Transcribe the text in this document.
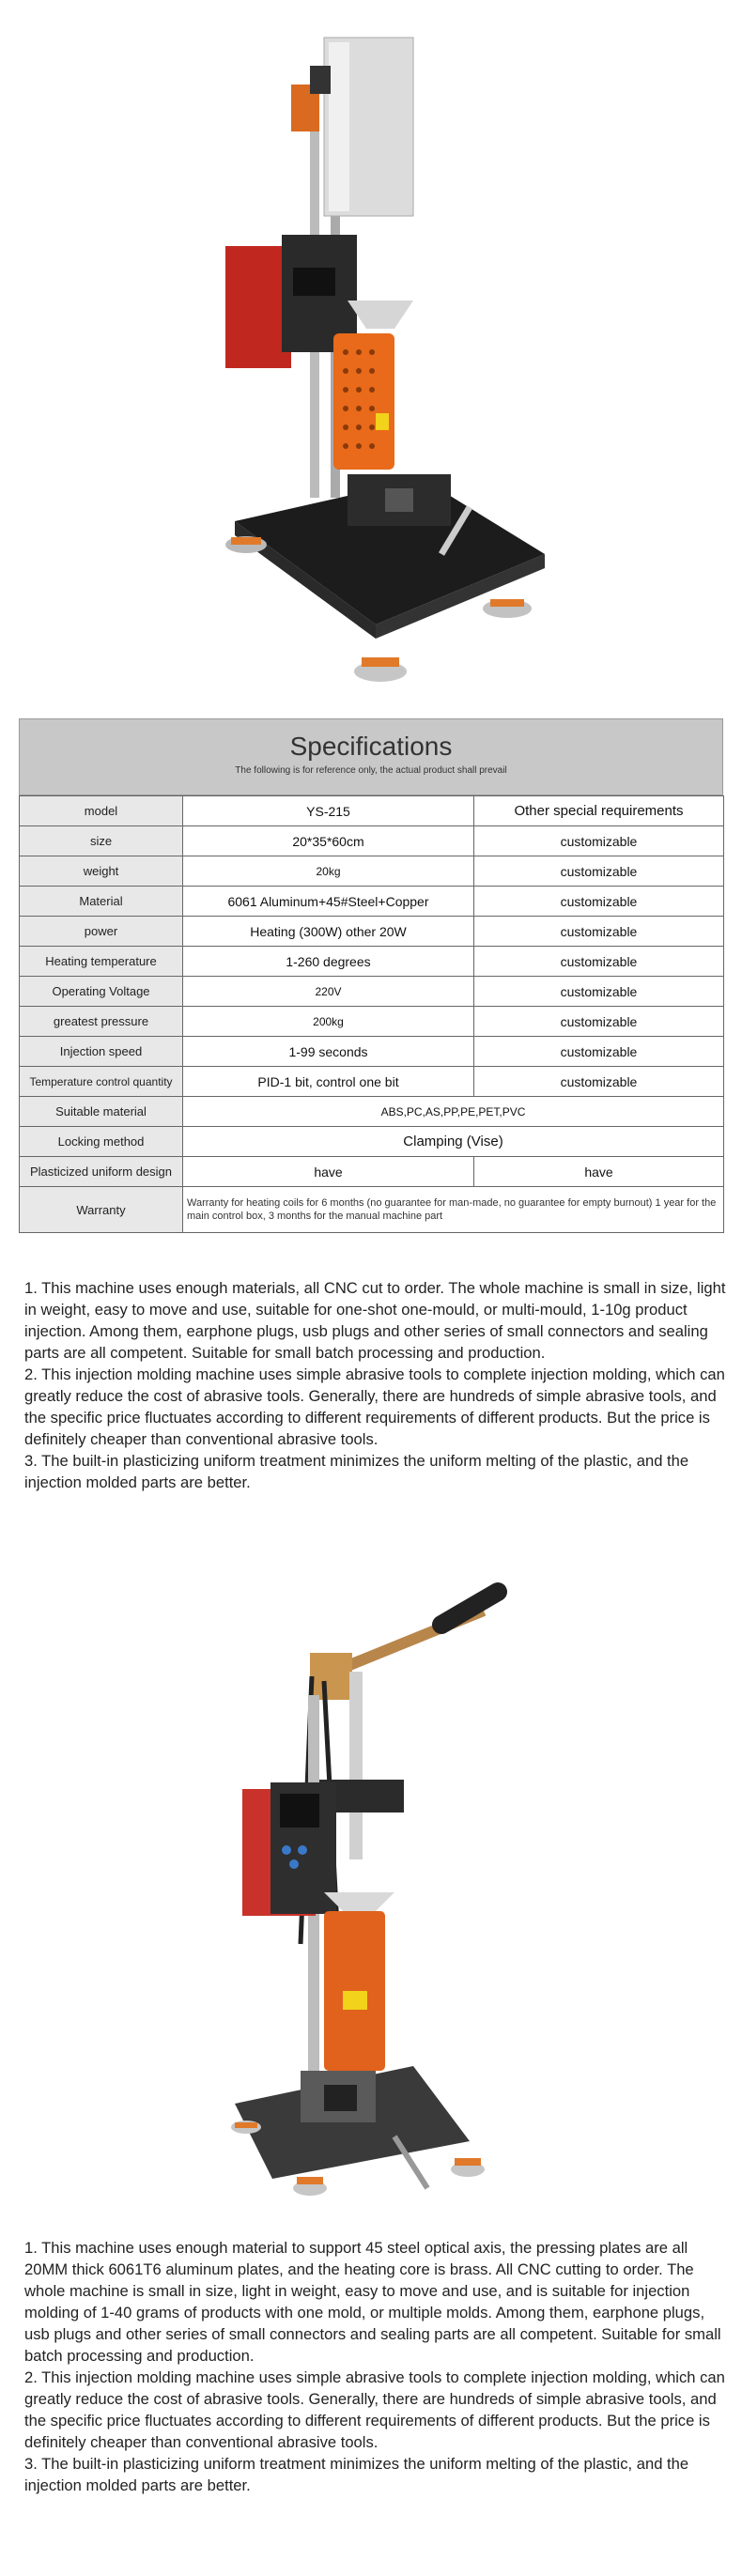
Specifications
The following is for reference only, the actual product shall prevail
model	YS-215	Other special requirements
size	20*35*60cm	customizable
weight	20kg	customizable
Material	6061 Aluminum+45#Steel+Copper	customizable
power	Heating (300W) other 20W	customizable
Heating temperature	1-260 degrees	customizable
Operating Voltage	220V	customizable
greatest pressure	200kg	customizable
Injection speed	1-99 seconds	customizable
Temperature control quantity	PID-1 bit, control one bit	customizable
Suitable material	ABS,PC,AS,PP,PE,PET,PVC	
Locking method	Clamping (Vise)	
Plasticized uniform design	have	have
Warranty	Warranty for heating coils for 6 months (no guarantee for man-made, no guarantee for empty burnout) 1 year for the main control box, 3 months for the manual machine part	

1. This machine uses enough materials, all CNC cut to order. The whole machine is small in size, light in weight, easy to move and use, suitable for one-shot one-mould, or multi-mould, 1-10g product injection. Among them, earphone plugs, usb plugs and other series of small connectors and sealing parts are all competent. Suitable for small batch processing and production.

2. This injection molding machine uses simple abrasive tools to complete injection molding, which can greatly reduce the cost of abrasive tools. Generally, there are hundreds of simple abrasive tools, and the specific price fluctuates according to different requirements of different products. But the price is definitely cheaper than conventional abrasive tools.

3. The built-in plasticizing uniform treatment minimizes the uniform melting of the plastic, and the injection molded parts are better.

1. This machine uses enough material to support 45 steel optical axis, the pressing plates are all 20MM thick 6061T6 aluminum plates, and the heating core is brass. All CNC cutting to order. The whole machine is small in size, light in weight, easy to move and use, and is suitable for injection molding of 1-40 grams of products with one mold, or multiple molds. Among them, earphone plugs, usb plugs and other series of small connectors and sealing parts are all competent. Suitable for small batch processing and production.

2. This injection molding machine uses simple abrasive tools to complete injection molding, which can greatly reduce the cost of abrasive tools. Generally, there are hundreds of simple abrasive tools, and the specific price fluctuates according to different requirements of different products. But the price is definitely cheaper than conventional abrasive tools.

3. The built-in plasticizing uniform treatment minimizes the uniform melting of the plastic, and the injection molded parts are better.
